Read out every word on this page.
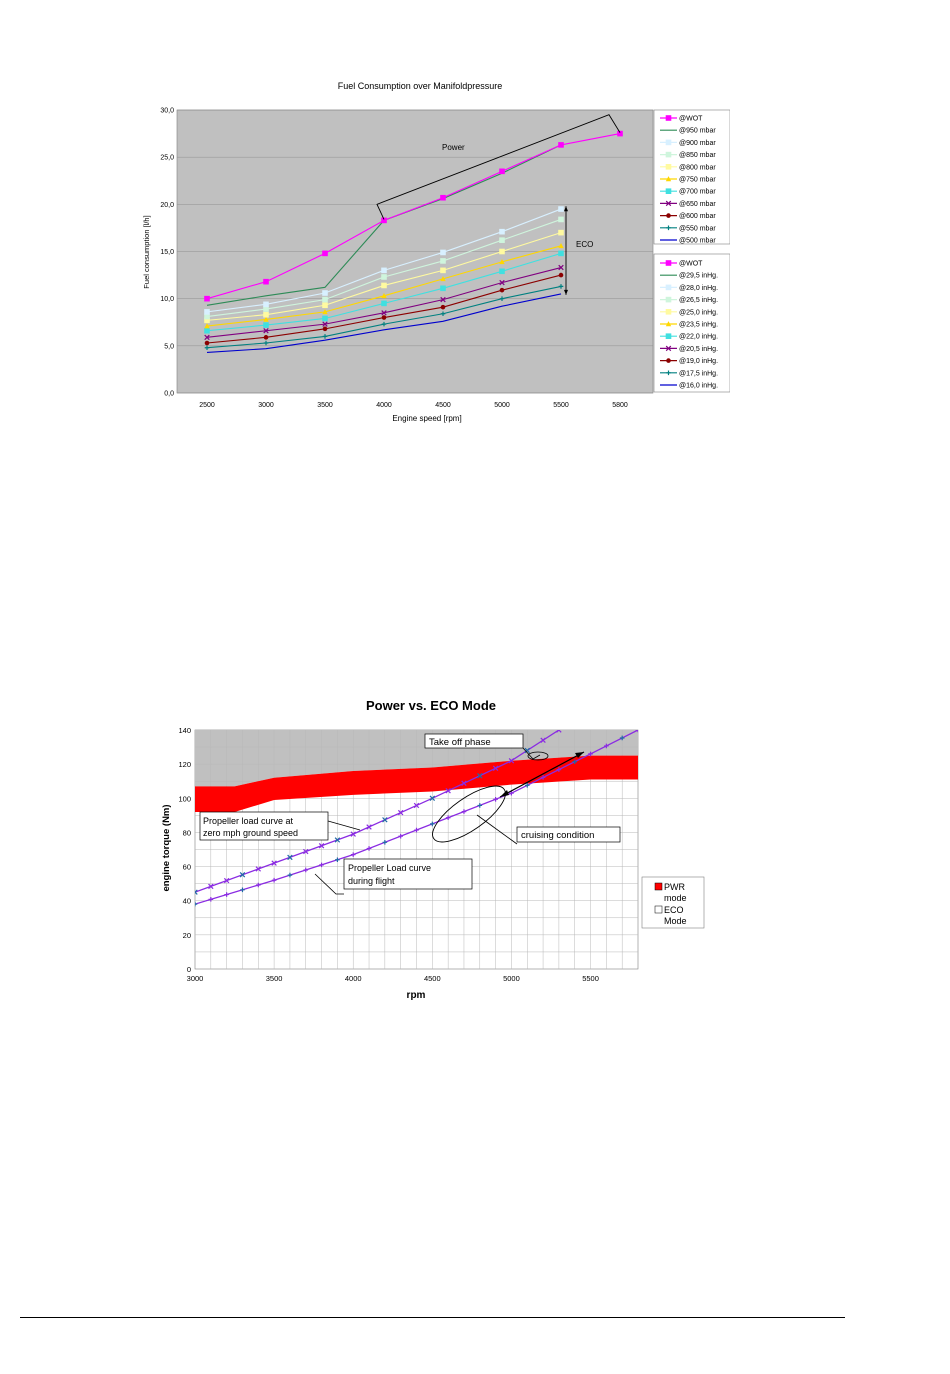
Fuel Consumption over Manifoldpressure
0,0
5,0
10,0
15,0
20,0
25,0
30,0
2500	3000	3500	4000	4500	5000	5500	5800
Power
ECO
Engine speed [rpm]
Fuel consumption [l/h]
@WOT
@950 mbar
@900 mbar
@850 mbar
@800 mbar
@750 mbar
@700 mbar
@650 mbar
@600 mbar
@550 mbar
@500 mbar
@WOT
@29,5 inHg.
@28,0 inHg.
@26,5 inHg.
@25,0 inHg.
@23,5 inHg.
@22,0 inHg.
@20,5 inHg.
@19,0 inHg.
@17,5 inHg.
@16,0 inHg.
Power vs. ECO Mode
0
20
40
60
80
100
120
140
3000	3500	4000	4500	5000	5500
Take off phase
Propeller load curve at
zero mph ground speed
Propeller Load curve
during flight
cruising condition
rpm
engine torque (Nm)	PWR
mode
ECO
Mode
